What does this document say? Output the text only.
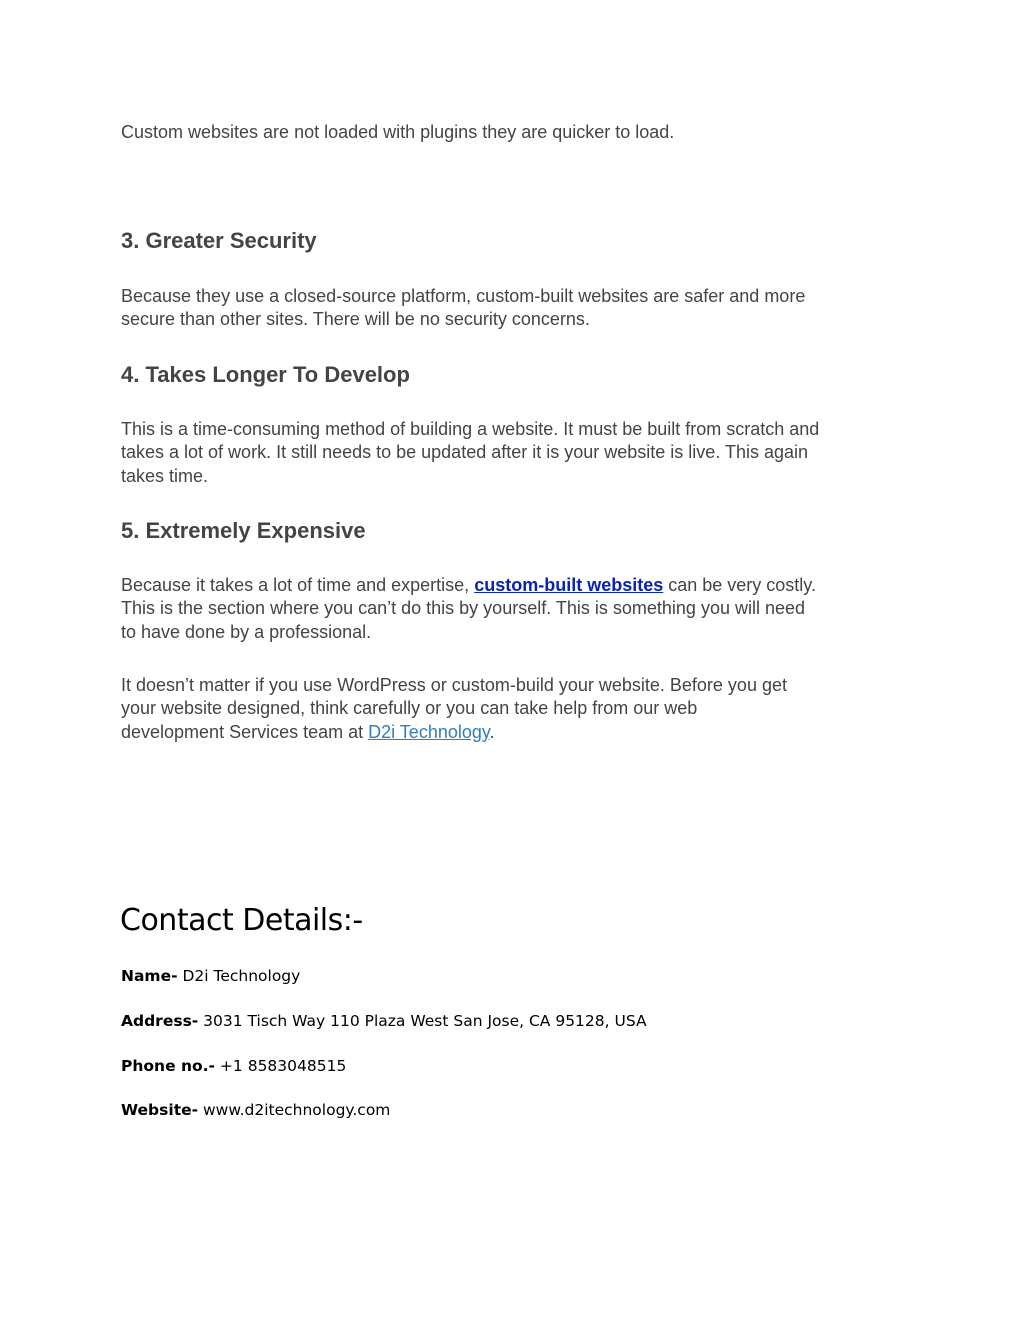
Custom websites are not loaded with plugins they are quicker to load.

3. Greater Security

Because they use a closed-source platform, custom-built websites are safer and more
secure than other sites. There will be no security concerns.

4. Takes Longer To Develop

This is a time-consuming method of building a website. It must be built from scratch and
takes a lot of work. It still needs to be updated after it is your website is live. This again
takes time.

5. Extremely Expensive

Because it takes a lot of time and expertise, custom-built websites can be very costly.
This is the section where you can’t do this by yourself. This is something you will need
to have done by a professional.

It doesn’t matter if you use WordPress or custom-build your website. Before you get
your website designed, think carefully or you can take help from our web
development Services team at D2i Technology.

Contact Details:-

Name- D2i Technology

Address- 3031 Tisch Way 110 Plaza West San Jose, CA 95128, USA

Phone no.- +1 8583048515

Website- www.d2itechnology.com
